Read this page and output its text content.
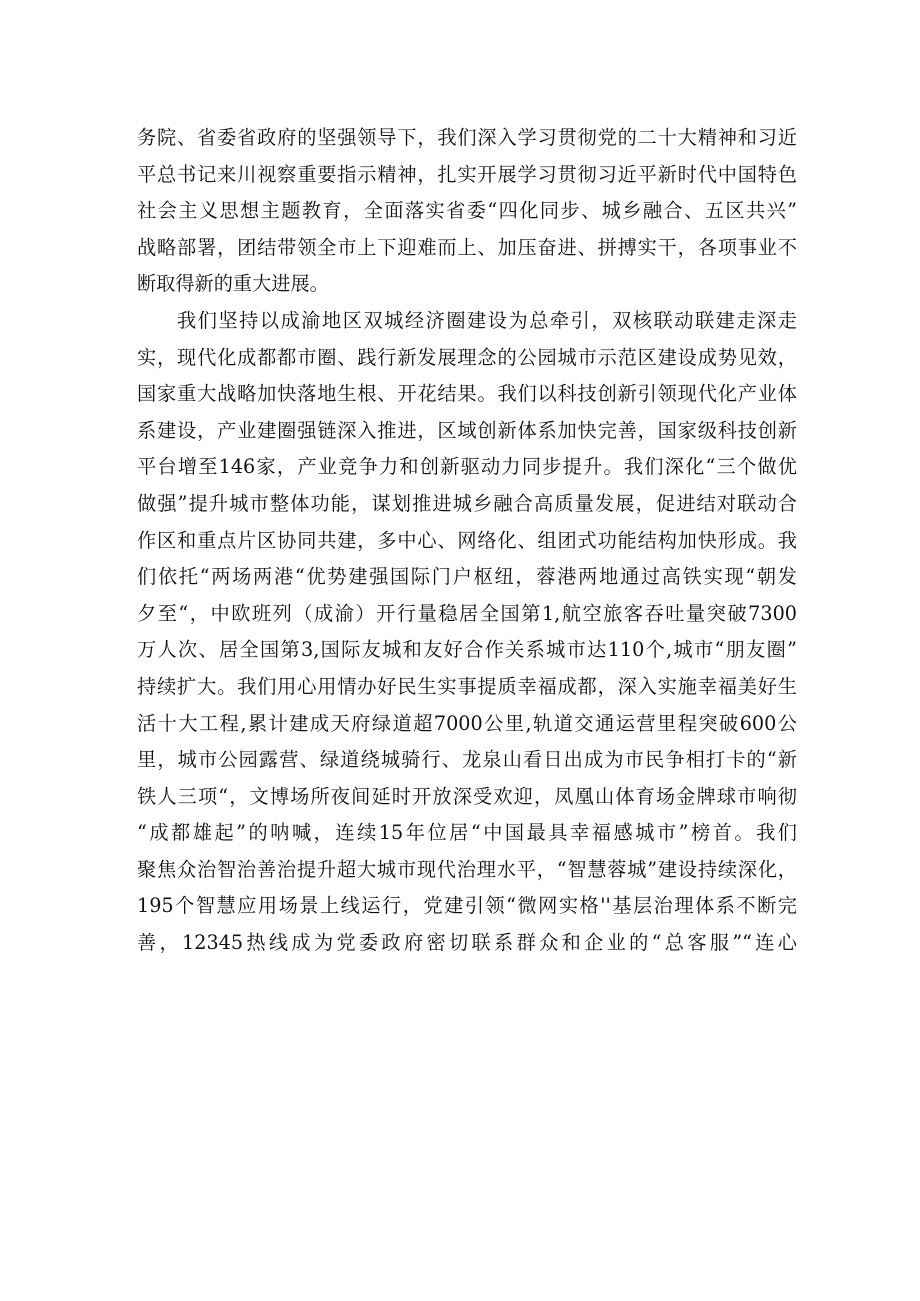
务院、省委省政府的坚强领导下，我们深入学习贯彻党的二十大精神和习近
平总书记来川视察重要指示精神，扎实开展学习贯彻习近平新时代中国特色
社会主义思想主题教育，全面落实省委“四化同步、城乡融合、五区共兴”
战略部署，团结带领全市上下迎难而上、加压奋进、拼搏实干，各项事业不
断取得新的重大进展。
我们坚持以成渝地区双城经济圈建设为总牵引，双核联动联建走深走
实，现代化成都都市圈、践行新发展理念的公园城市示范区建设成势见效，
国家重大战略加快落地生根、开花结果。我们以科技创新引领现代化产业体
系建设，产业建圈强链深入推进，区域创新体系加快完善，国家级科技创新
平台增至146家，产业竞争力和创新驱动力同步提升。我们深化“三个做优
做强”提升城市整体功能，谋划推进城乡融合高质量发展，促进结对联动合
作区和重点片区协同共建，多中心、网络化、组团式功能结构加快形成。我
们依托“两场两港“优势建强国际门户枢纽，蓉港两地通过高铁实现“朝发
夕至“，中欧班列（成渝）开行量稳居全国第1,航空旅客吞吐量突破7300
万人次、居全国第3,国际友城和友好合作关系城市达110个,城市“朋友圈”
持续扩大。我们用心用情办好民生实事提质幸福成都，深入实施幸福美好生
活十大工程,累计建成天府绿道超7000公里,轨道交通运营里程突破600公
里，城市公园露营、绿道绕城骑行、龙泉山看日出成为市民争相打卡的“新
铁人三项“，文博场所夜间延时开放深受欢迎，凤凰山体育场金牌球市响彻
“成都雄起”的呐喊，连续15年位居“中国最具幸福感城市”榜首。我们
聚焦众治智治善治提升超大城市现代治理水平，“智慧蓉城”建设持续深化，
195个智慧应用场景上线运行，党建引领“微网实格''基层治理体系不断完
善，12345热线成为党委政府密切联系群众和企业的“总客服”“连心
